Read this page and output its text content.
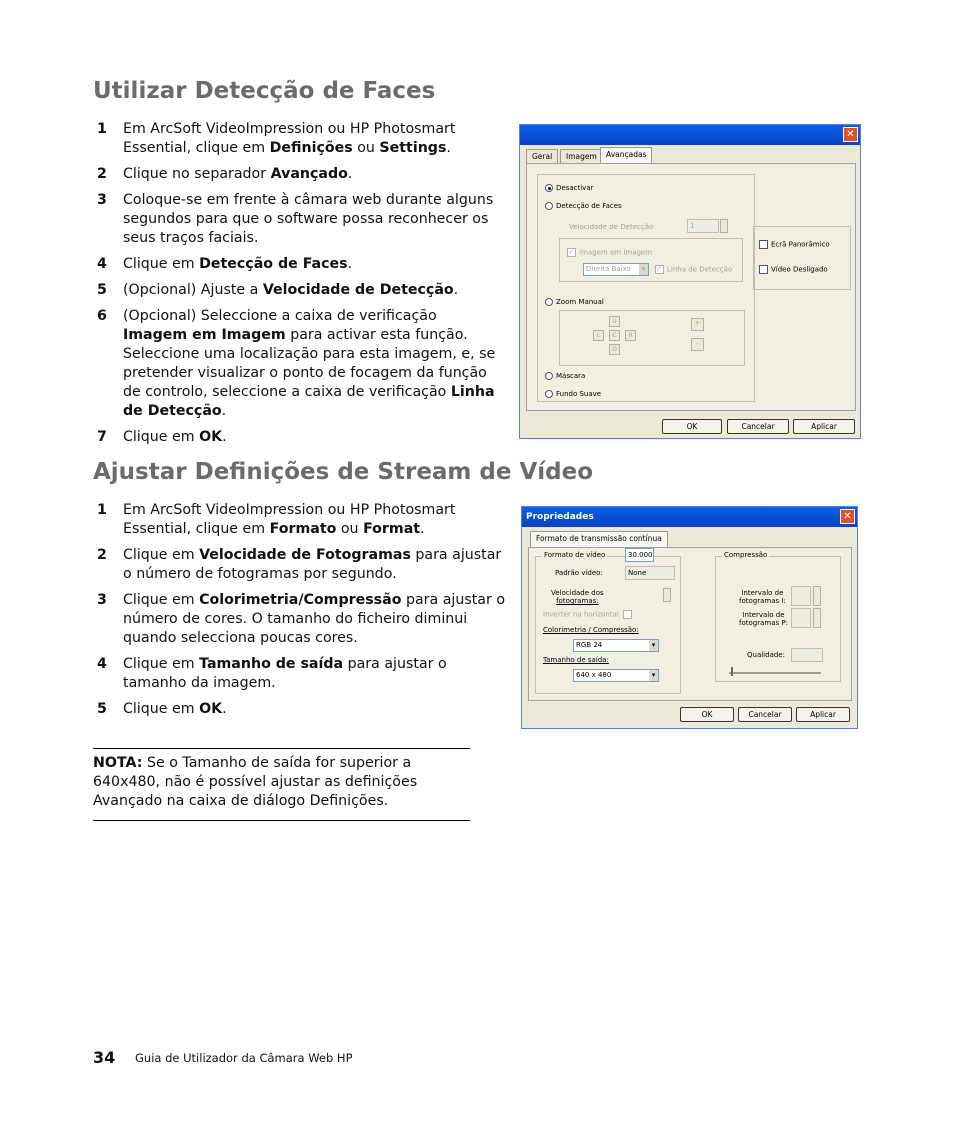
Utilizar Detecção de Faces
1 Em ArcSoft VideoImpression ou HP Photosmart Essential, clique em Definições ou Settings.
2 Clique no separador Avançado.
3 Coloque-se em frente à câmara web durante alguns segundos para que o software possa reconhecer os seus traços faciais.
4 Clique em Detecção de Faces.
5 (Opcional) Ajuste a Velocidade de Detecção.
6 (Opcional) Seleccione a caixa de verificação Imagem em Imagem para activar esta função. Seleccione uma localização para esta imagem, e, se pretender visualizar o ponto de focagem da função de controlo, seleccione a caixa de verificação Linha de Detecção.
7 Clique em OK.
✕
Geral	Imagem	Avançadas
Desactivar
Detecção de Faces
Velocidade de Detecção	1
✓ Imagem em Imagem
Direita Baixo ▾	✓ Linha de Detecção
Ecrã Panorâmico
Vídeo Desligado
Zoom Manual
U
L	C	R
D
+
-
Máscara
Fundo Suave
OK	Cancelar	Aplicar
Ajustar Definições de Stream de Vídeo
1 Em ArcSoft VideoImpression ou HP Photosmart Essential, clique em Formato ou Format.
2 Clique em Velocidade de Fotogramas para ajustar o número de fotogramas por segundo.
3 Clique em Colorimetria/Compressão para ajustar o número de cores. O tamanho do ficheiro diminui quando selecciona poucas cores.
4 Clique em Tamanho de saída para ajustar o tamanho da imagem.
5 Clique em OK.
Propriedades	✕
Formato de transmissão contínua
Formato de vídeo
Padrão vídeo:	None
Velocidade dos
fotogramas:
30.000
Inverter na horizontal
Colorimetria / Compressão:
RGB 24 ▾
Tamanho de saída:
640 x 480 ▾
Compressão
Intervalo de
fotogramas I:
Intervalo de
fotogramas P:
Qualidade:
OK	Cancelar	Aplicar
NOTA: Se o Tamanho de saída for superior a 640x480, não é possível ajustar as definições Avançado na caixa de diálogo Definições.
34 Guia de Utilizador da Câmara Web HP
